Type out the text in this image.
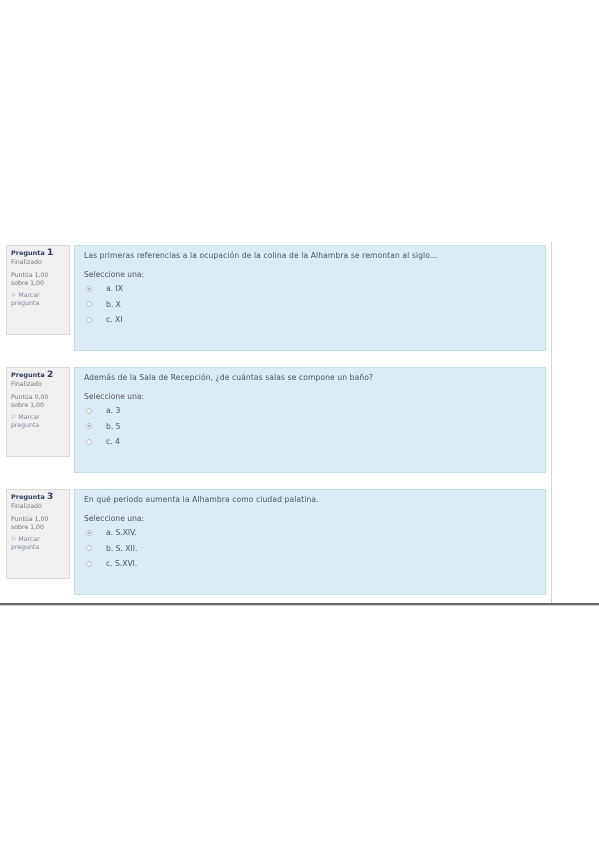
Pregunta 1
Finalizado
Puntúa 1,00
sobre 1,00
⚐ Marcar
pregunta
Las primeras referencias a la ocupación de la colina de la Alhambra se remontan al siglo...
Seleccione una:
a. IX
b. X
c. XI
Pregunta 2
Finalizado
Puntúa 0,00
sobre 1,00
⚐ Marcar
pregunta
Además de la Sala de Recepción, ¿de cuántas salas se compone un baño?
Seleccione una:
a. 3
b. 5
c. 4
Pregunta 3
Finalizado
Puntúa 1,00
sobre 1,00
⚐ Marcar
pregunta
En qué periodo aumenta la Alhambra como ciudad palatina.
Seleccione una:
a. S.XIV.
b. S. XII.
c. S.XVI.
